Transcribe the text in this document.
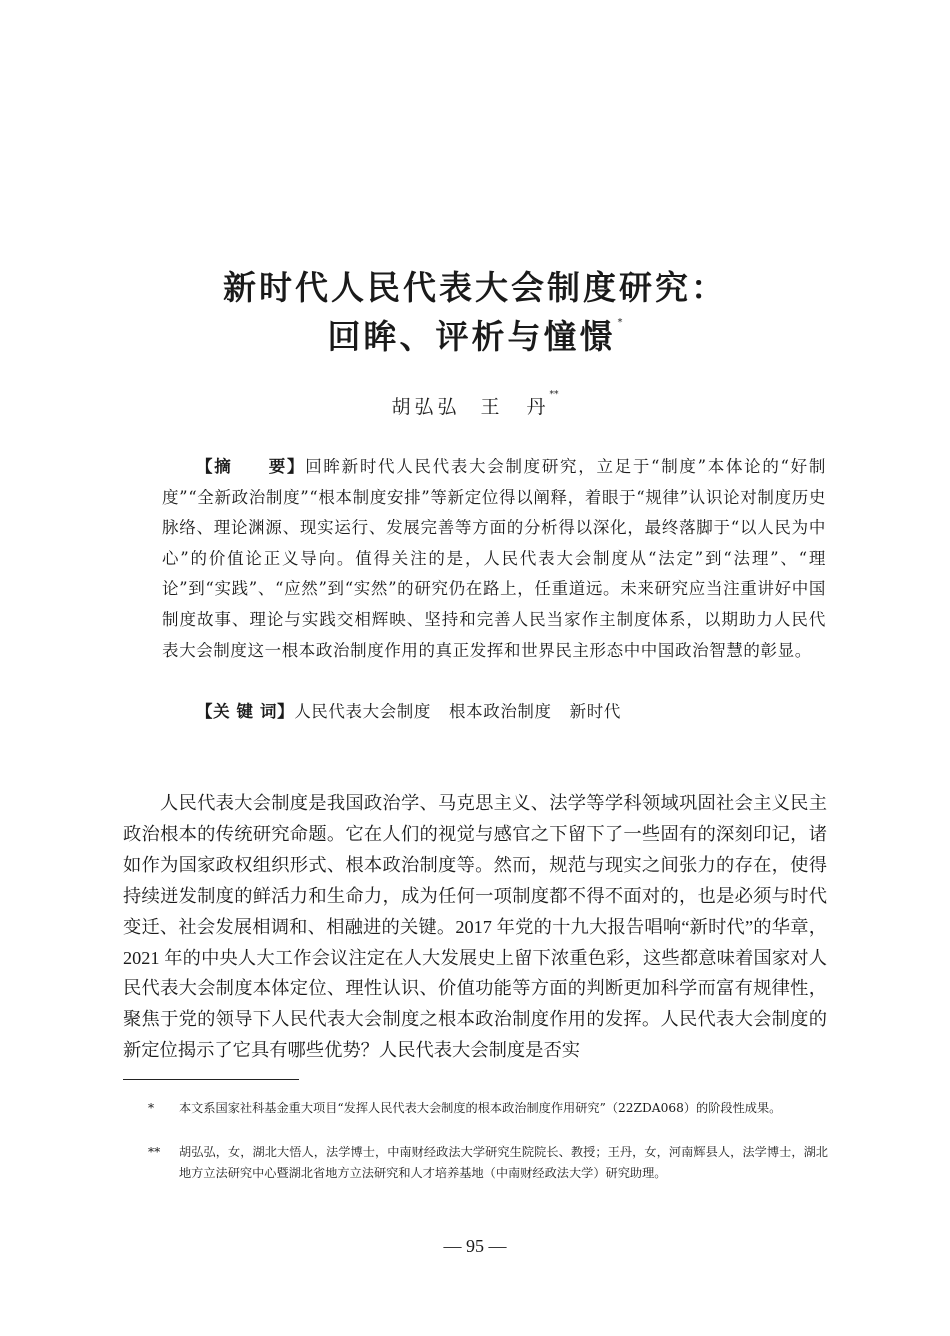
新时代人民代表大会制度研究：
回眸、评析与憧憬 *
胡弘弘 王　丹**

【摘　　要】回眸新时代人民代表大会制度研究，立足于“制度”本体论的“好制度”“全新政治制度”“根本制度安排”等新定位得以阐释，着眼于“规律”认识论对制度历史脉络、理论渊源、现实运行、发展完善等方面的分析得以深化，最终落脚于“以人民为中心”的价值论正义导向。值得关注的是，人民代表大会制度从“法定”到“法理”、“理论”到“实践”、“应然”到“实然”的研究仍在路上，任重道远。未来研究应当注重讲好中国制度故事、理论与实践交相辉映、坚持和完善人民当家作主制度体系，以期助力人民代表大会制度这一根本政治制度作用的真正发挥和世界民主形态中中国政治智慧的彰显。

【关 键 词】人民代表大会制度 根本政治制度 新时代

人民代表大会制度是我国政治学、马克思主义、法学等学科领域巩固社会主义民主政治根本的传统研究命题。它在人们的视觉与感官之下留下了一些固有的深刻印记，诸如作为国家政权组织形式、根本政治制度等。然而，规范与现实之间张力的存在，使得持续迸发制度的鲜活力和生命力，成为任何一项制度都不得不面对的，也是必须与时代变迁、社会发展相调和、相融进的关键。2017 年党的十九大报告唱响“新时代”的华章，2021 年的中央人大工作会议注定在人大发展史上留下浓重色彩，这些都意味着国家对人民代表大会制度本体定位、理性认识、价值功能等方面的判断更加科学而富有规律性，聚焦于党的领导下人民代表大会制度之根本政治制度作用的发挥。人民代表大会制度的新定位揭示了它具有哪些优势？人民代表大会制度是否实

*	本文系国家社科基金重大项目“发挥人民代表大会制度的根本政治制度作用研究”（22ZDA068）的阶段性成果。

**	胡弘弘，女，湖北大悟人，法学博士，中南财经政法大学研究生院院长、教授；王丹，女，河南辉县人，法学博士，湖北地方立法研究中心暨湖北省地方立法研究和人才培养基地（中南财经政法大学）研究助理。

— 95 —
